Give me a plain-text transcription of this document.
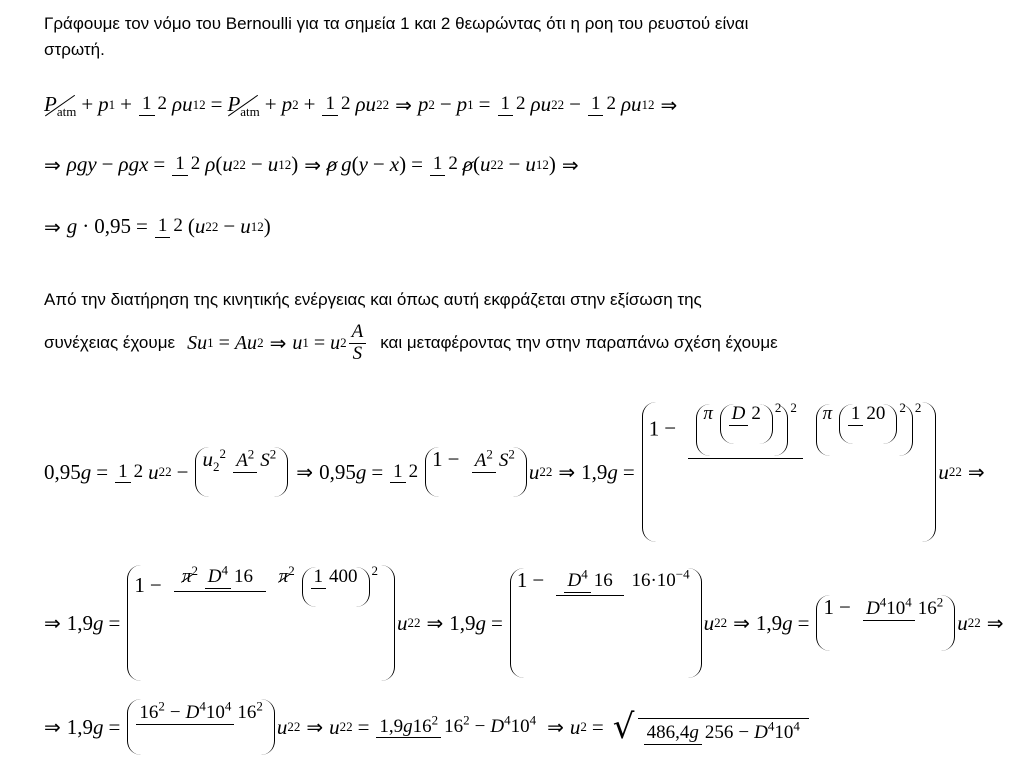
Γράφουμε τον νόμο του Bernoulli για τα σημεία 1 και 2 θεωρώντας ότι η ροη του ρευστού είναι
στρωτή.
$P_{atm} + p$ 1 + 1 2 ρu 1 $2 = P_{atm} + p$ 2 + 1 2 ρu 2 2 ⇒ p 2 − p 1 = 1 2 ρu 2 2 − 1 2 ρu 1 2 ⇒
⇒ ρgy − ρgx = 1 2 ρ ( u 2 2 − u 1 2 ) ⇒ ρ g ( y − x ) = 1 2 ρ ( u 2 2 − u 1 2 ) ⇒
⇒ g · 0,95 = 1 2 ( u 2 2 − u 1 2 )
Από την διατήρηση της κινητικής ενέργειας και όπως αυτή εκφράζεται στην εξίσωση της
συνέχειας έχουμε Su 1 = Au 2 ⇒ u 1 = u $2 \frac{A}{S}$ και μεταφέροντας την στην παραπάνω σχέση έχουμε
0,95 g = 1 2 u 2 2 −
$u_2^2$ $A^2$ $S^2$
⇒ 0,95 g = 1 2
$1 - A^2$ $S^2$
u 2 2 ⇒ 1,9 g =
1 − π D 2 $^2$ $^2$ π 1 20 $^2$ $^2$
u 2 2 ⇒
⇒ 1,9 g =
$1 - \pi^2$ $D^4$ 16 $\pi^2$ 1 400 $^2$
u 2 2 ⇒ 1,9 g =
$1 - D^4$ 16 $16\cdot 10^{-4}$
u 2 2 ⇒ 1,9 g =
$1 - D^410^4$ $16^2$
u 2 2 ⇒
⇒ 1,9 g =
$16^2 - D^410^4$ $16^2$
u 2 2 ⇒ u 2 $2 = 1,9g16^2$ $16^2 - D^410^4$ ⇒ u 2 = √ 486,4g $256 - D^410^4$
